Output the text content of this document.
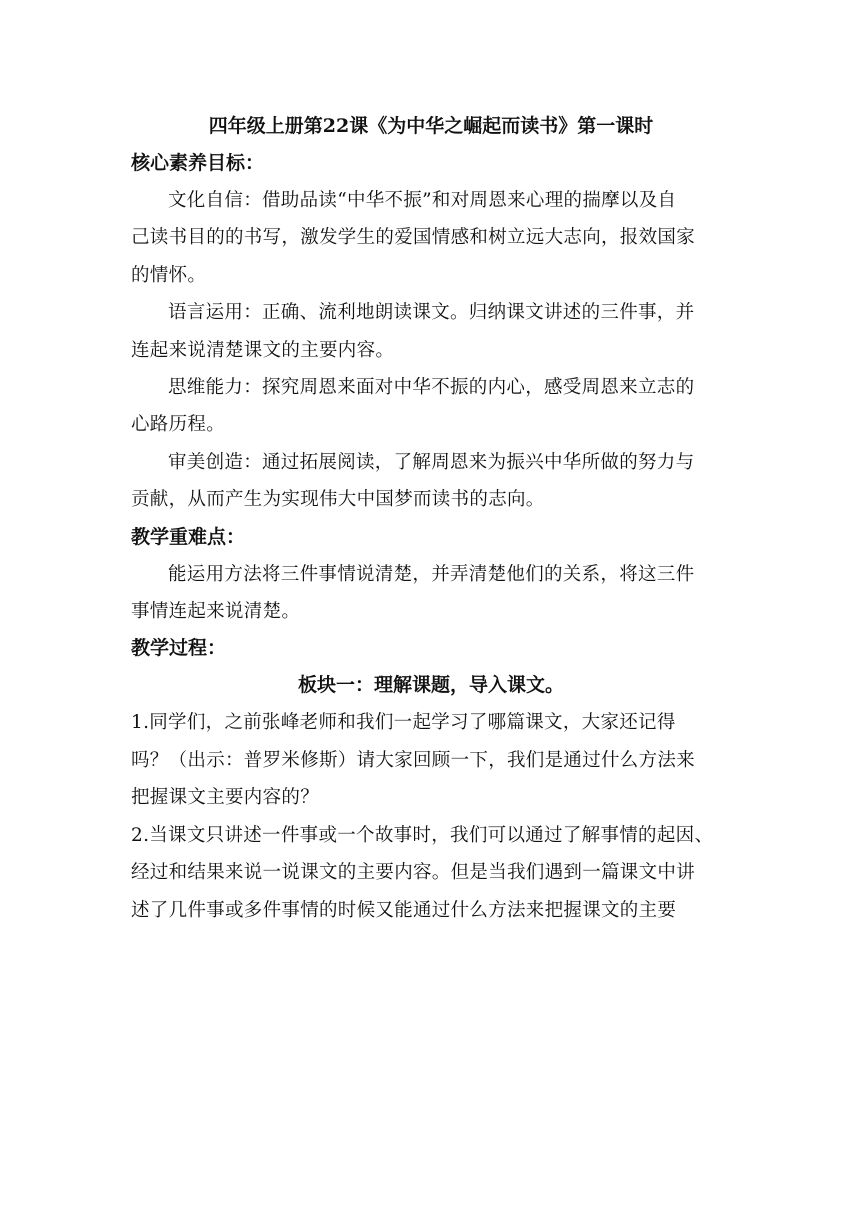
四年级上册第22课《为中华之崛起而读书》第一课时

核心素养目标：

文化自信：借助品读“中华不振”和对周恩来心理的揣摩以及自
己读书目的的书写，激发学生的爱国情感和树立远大志向，报效国家
的情怀。

语言运用：正确、流利地朗读课文。归纳课文讲述的三件事，并
连起来说清楚课文的主要内容。

思维能力：探究周恩来面对中华不振的内心，感受周恩来立志的
心路历程。

审美创造：通过拓展阅读，了解周恩来为振兴中华所做的努力与
贡献，从而产生为实现伟大中国梦而读书的志向。

教学重难点：

能运用方法将三件事情说清楚，并弄清楚他们的关系，将这三件
事情连起来说清楚。

教学过程：

板块一：理解课题，导入课文。

1.同学们，之前张峰老师和我们一起学习了哪篇课文，大家还记得
吗？（出示：普罗米修斯）请大家回顾一下，我们是通过什么方法来
把握课文主要内容的？

2.当课文只讲述一件事或一个故事时，我们可以通过了解事情的起因、
经过和结果来说一说课文的主要内容。但是当我们遇到一篇课文中讲
述了几件事或多件事情的时候又能通过什么方法来把握课文的主要
